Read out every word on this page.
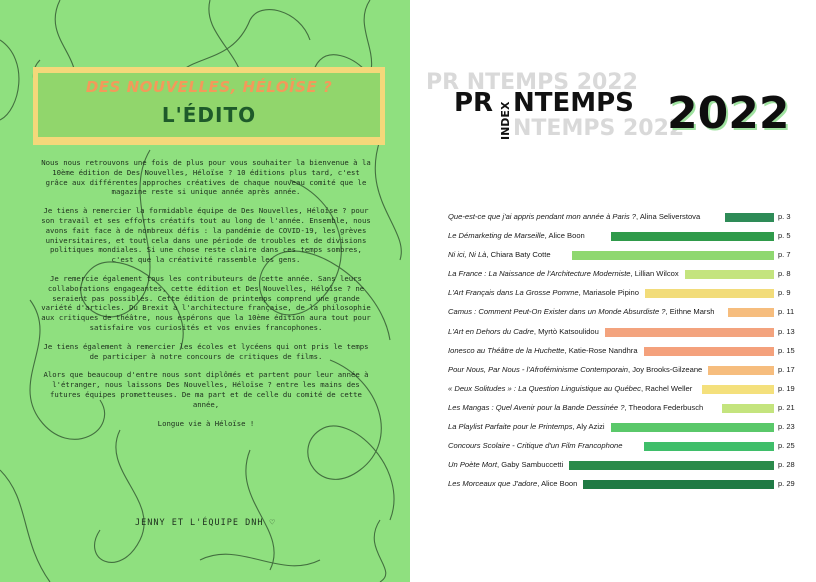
DES NOUVELLES, HÉLOÏSE ?
L'ÉDITO

Nous nous retrouvons une fois de plus pour vous souhaiter la bienvenue à la 10ème édition de Des Nouvelles, Héloïse ? 10 éditions plus tard, c'est grâce aux différentes approches créatives de chaque nouveau comité que le magazine reste si unique année après année.

Je tiens à remercier la formidable équipe de Des Nouvelles, Héloïse ? pour son travail et ses efforts créatifs tout au long de l'année. Ensemble, nous avons fait face à de nombreux défis : la pandémie de COVID-19, les grèves universitaires, et tout cela dans une période de troubles et de divisions politiques mondiales. Si une chose reste claire dans ces temps sombres, c'est que la créativité rassemble les gens.

Je remercie également tous les contributeurs de cette année. Sans leurs collaborations engageantes, cette édition et Des Nouvelles, Héloïse ? ne seraient pas possibles. Cette édition de printemps comprend une grande variété d'articles. Du Brexit à l'architecture française, de la philosophie aux critiques de théâtre, nous espérons que la 10ème édition aura tout pour satisfaire vos curiosités et vos envies francophones.

Je tiens également à remercier les écoles et lycéens qui ont pris le temps de participer à notre concours de critiques de films.

Alors que beaucoup d'entre nous sont diplômés et partent pour leur année à l'étranger, nous laissons Des Nouvelles, Héloïse ? entre les mains des futures équipes prometteuses. De ma part et de celle du comité de cette année,

Longue vie à Héloïse !

JENNY ET L'ÉQUIPE DNH ♡
PR NTEMPS 2022
NTEMPS 2022
PR INDEX NTEMPS 2022
Que-est-ce que j'ai appris pendant mon année à Paris ?, Alina Seliverstova	p. 3
Le Démarketing de Marseille, Alice Boon	p. 5
Ni ici, Ni Là, Chiara Baty Cotte	p. 7
La France : La Naissance de l'Architecture Moderniste, Lillian Wilcox	p. 8
L'Art Français dans La Grosse Pomme, Mariasole Pipino	p. 9
Camus : Comment Peut-On Exister dans un Monde Absurdiste ?, Eithne Marsh	p. 11
L'Art en Dehors du Cadre, Myrtò Katsoulidou	p. 13
Ionesco au Théâtre de la Huchette, Katie-Rose Nandhra	p. 15
Pour Nous, Par Nous - l'Afroféminisme Contemporain, Joy Brooks-Gilzeane	p. 17
« Deux Solitudes » : La Question Linguistique au Québec, Rachel Weller	p. 19
Les Mangas : Quel Avenir pour la Bande Dessinée ?, Theodora Federbusch	p. 21
La Playlist Parfaite pour le Printemps, Aly Azizi	p. 23
Concours Scolaire - Critique d'un Film Francophone	p. 25
Un Poète Mort, Gaby Sambuccetti	p. 28
Les Morceaux que J'adore, Alice Boon	p. 29
